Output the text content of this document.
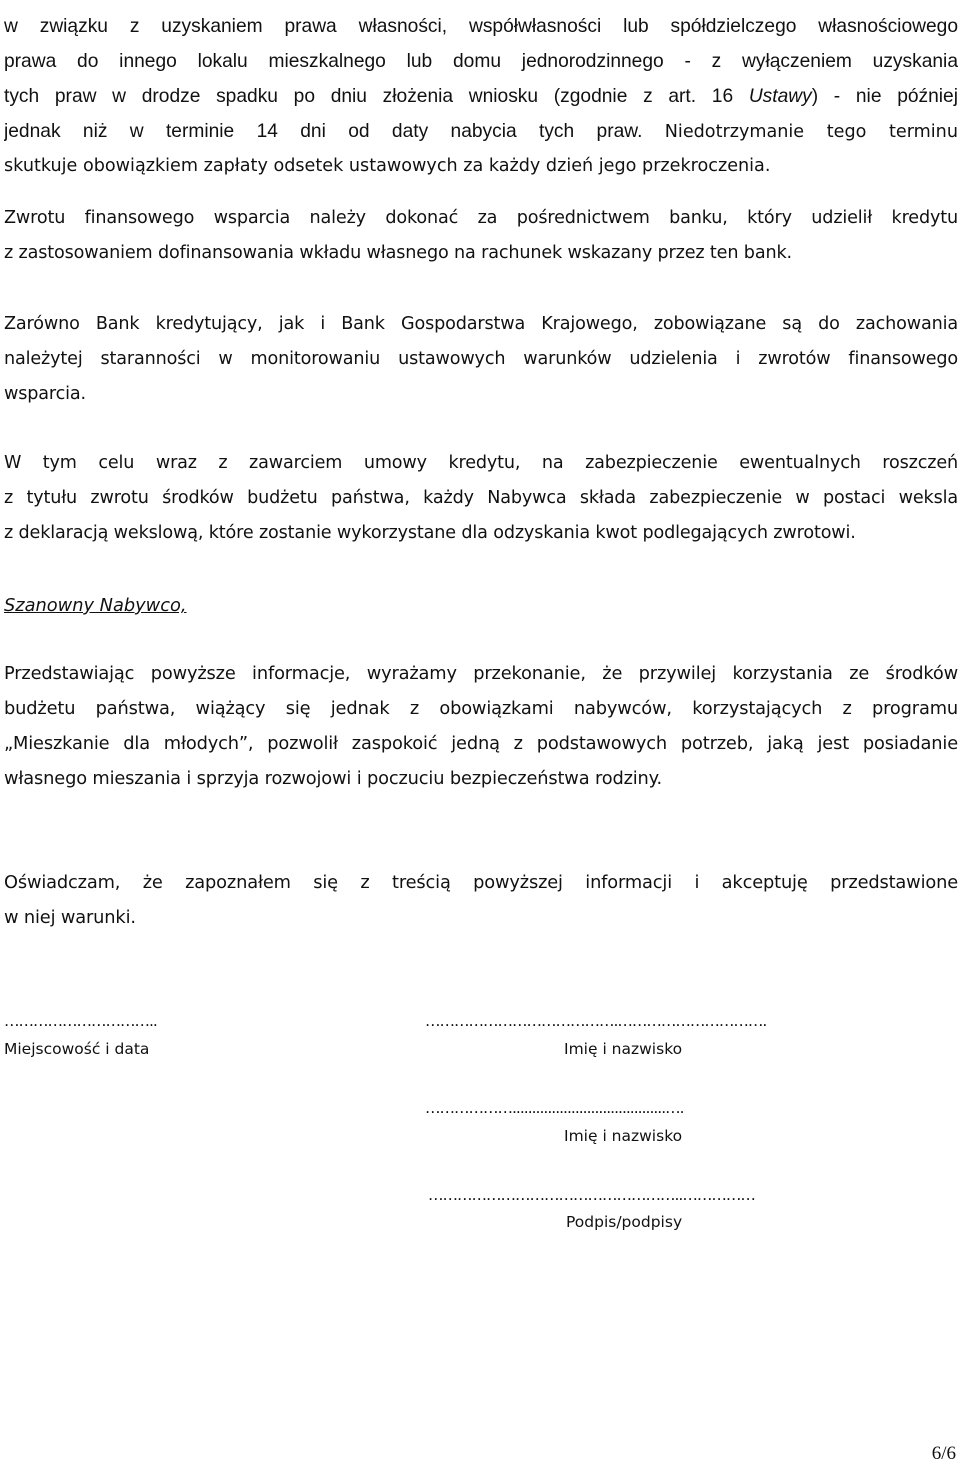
w związku z uzyskaniem prawa własności, współwłasności lub spółdzielczego własnościowego
prawa do innego lokalu mieszkalnego lub domu jednorodzinnego - z wyłączeniem uzyskania
tych praw w drodze spadku po dniu złożenia wniosku (zgodnie z art. 16 Ustawy) - nie później
jednak niż w terminie 14 dni od daty nabycia tych praw. Niedotrzymanie tego terminu
skutkuje obowiązkiem zapłaty odsetek ustawowych za każdy dzień jego przekroczenia.
Zwrotu finansowego wsparcia należy dokonać za pośrednictwem banku, który udzielił kredytu
z zastosowaniem dofinansowania wkładu własnego na rachunek wskazany przez ten bank.
Zarówno Bank kredytujący, jak i Bank Gospodarstwa Krajowego, zobowiązane są do zachowania
należytej staranności w monitorowaniu ustawowych warunków udzielenia i zwrotów finansowego
wsparcia.
W tym celu wraz z zawarciem umowy kredytu, na zabezpieczenie ewentualnych roszczeń
z tytułu zwrotu środków budżetu państwa, każdy Nabywca składa zabezpieczenie w postaci weksla
z deklaracją wekslową, które zostanie wykorzystane dla odzyskania kwot podlegających zwrotowi.
Szanowny Nabywco,
Przedstawiając powyższe informacje, wyrażamy przekonanie, że przywilej korzystania ze środków
budżetu państwa, wiążący się jednak z obowiązkami nabywców, korzystających z programu
„Mieszkanie dla młodych”, pozwolił zaspokoić jedną z podstawowych potrzeb, jaką jest posiadanie
własnego mieszania i sprzyja rozwojowi i poczuciu bezpieczeństwa rodziny.
Oświadczam, że zapoznałem się z treścią powyższej informacji i akceptuję przedstawione
w niej warunki.
…………………………..
Miejscowość i data
………………………………….………………………….
Imię i nazwisko
……………….......................................….
Imię i nazwisko
……………………………………………..……………
Podpis/podpisy
6/6
